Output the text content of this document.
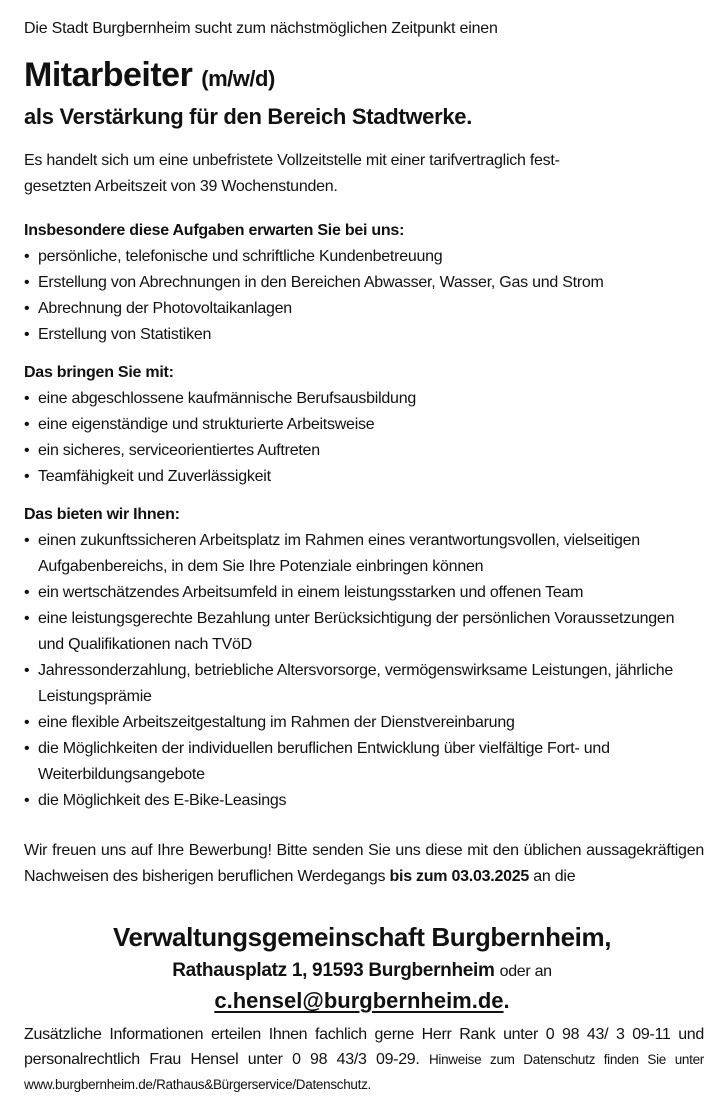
Die Stadt Burgbernheim sucht zum nächstmöglichen Zeitpunkt einen
Mitarbeiter (m/w/d)
als Verstärkung für den Bereich Stadtwerke.
Es handelt sich um eine unbefristete Vollzeitstelle mit einer tarifvertraglich fest-
gesetzten Arbeitszeit von 39 Wochenstunden.
Insbesondere diese Aufgaben erwarten Sie bei uns:
• persönliche, telefonische und schriftliche Kundenbetreuung
• Erstellung von Abrechnungen in den Bereichen Abwasser, Wasser, Gas und Strom
• Abrechnung der Photovoltaikanlagen
• Erstellung von Statistiken
Das bringen Sie mit:
• eine abgeschlossene kaufmännische Berufsausbildung
• eine eigenständige und strukturierte Arbeitsweise
• ein sicheres, serviceorientiertes Auftreten
• Teamfähigkeit und Zuverlässigkeit
Das bieten wir Ihnen:
• einen zukunftssicheren Arbeitsplatz im Rahmen eines verantwortungsvollen, vielseitigen Aufgabenbereichs, in dem Sie Ihre Potenziale einbringen können
• ein wertschätzendes Arbeitsumfeld in einem leistungsstarken und offenen Team
• eine leistungsgerechte Bezahlung unter Berücksichtigung der persönlichen Voraussetzungen und Qualifikationen nach TVöD
• Jahressonderzahlung, betriebliche Altersvorsorge, vermögenswirksame Leistungen, jährliche Leistungsprämie
• eine flexible Arbeitszeitgestaltung im Rahmen der Dienstvereinbarung
• die Möglichkeiten der individuellen beruflichen Entwicklung über vielfältige Fort- und Weiterbildungsangebote
• die Möglichkeit des E-Bike-Leasings
Wir freuen uns auf Ihre Bewerbung! Bitte senden Sie uns diese mit den üblichen aussagekräftigen Nachweisen des bisherigen beruflichen Werdegangs bis zum 03.03.2025 an die
Verwaltungsgemeinschaft Burgbernheim,
Rathausplatz 1, 91593 Burgbernheim oder an
c.hensel@burgbernheim.de.
Zusätzliche Informationen erteilen Ihnen fachlich gerne Herr Rank unter 0 98 43/ 3 09-11 und personalrechtlich Frau Hensel unter 0 98 43/3 09-29. Hinweise zum Datenschutz finden Sie unter www.burgbernheim.de/Rathaus&Bürgerservice/Datenschutz.
